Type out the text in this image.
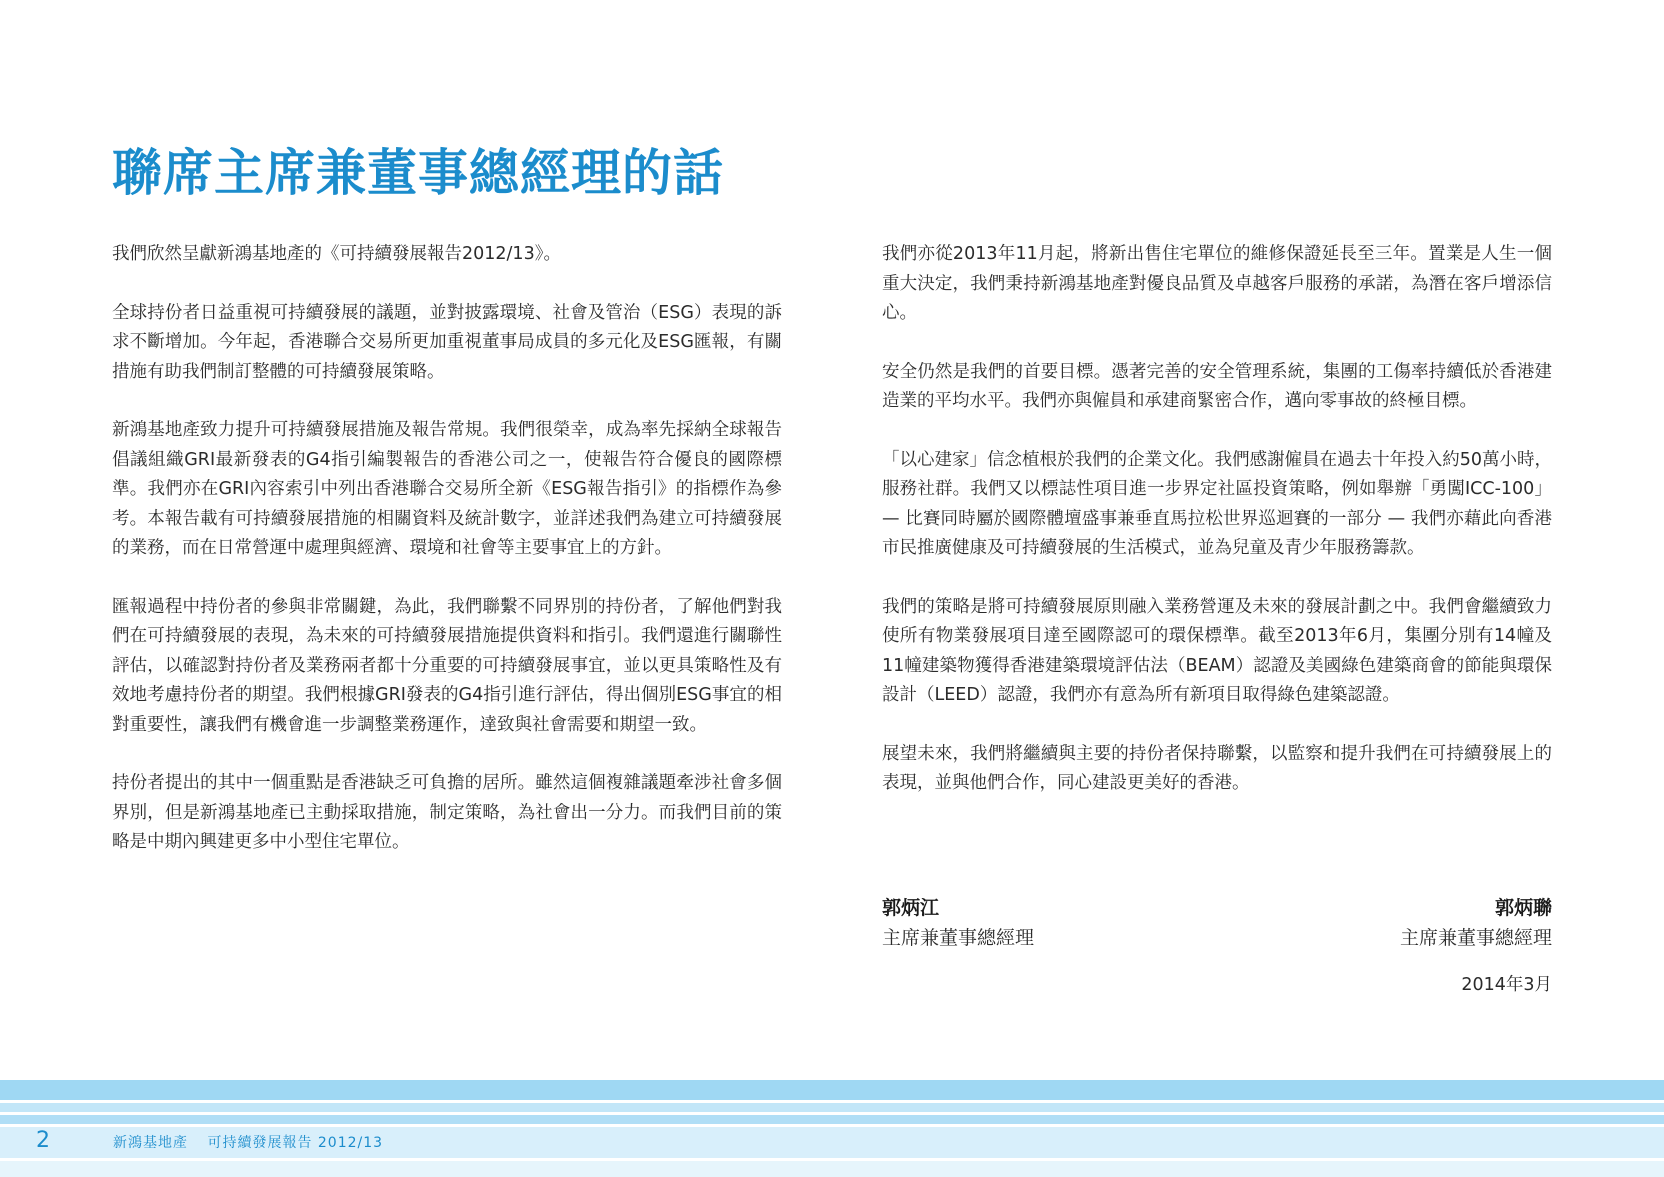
聯席主席兼董事總經理的話

我們欣然呈獻新鴻基地產的《可持續發展報告2012/13》。

全球持份者日益重視可持續發展的議題，並對披露環境、社會及管治（ESG）表現的訴求不斷增加。今年起，香港聯合交易所更加重視董事局成員的多元化及ESG匯報，有關措施有助我們制訂整體的可持續發展策略。

新鴻基地產致力提升可持續發展措施及報告常規。我們很榮幸，成為率先採納全球報告倡議組織GRI最新發表的G4指引編製報告的香港公司之一，使報告符合優良的國際標準。我們亦在GRI內容索引中列出香港聯合交易所全新《ESG報告指引》的指標作為參考。本報告載有可持續發展措施的相關資料及統計數字，並詳述我們為建立可持續發展的業務，而在日常營運中處理與經濟、環境和社會等主要事宜上的方針。

匯報過程中持份者的參與非常關鍵，為此，我們聯繫不同界別的持份者，了解他們對我們在可持續發展的表現，為未來的可持續發展措施提供資料和指引。我們還進行關聯性評估，以確認對持份者及業務兩者都十分重要的可持續發展事宜，並以更具策略性及有效地考慮持份者的期望。我們根據GRI發表的G4指引進行評估，得出個別ESG事宜的相對重要性，讓我們有機會進一步調整業務運作，達致與社會需要和期望一致。

持份者提出的其中一個重點是香港缺乏可負擔的居所。雖然這個複雜議題牽涉社會多個界別，但是新鴻基地產已主動採取措施，制定策略，為社會出一分力。而我們目前的策略是中期內興建更多中小型住宅單位。

我們亦從2013年11月起，將新出售住宅單位的維修保證延長至三年。置業是人生一個重大決定，我們秉持新鴻基地產對優良品質及卓越客戶服務的承諾，為潛在客戶增添信心。

安全仍然是我們的首要目標。憑著完善的安全管理系統，集團的工傷率持續低於香港建造業的平均水平。我們亦與僱員和承建商緊密合作，邁向零事故的終極目標。

「以心建家」信念植根於我們的企業文化。我們感謝僱員在過去十年投入約50萬小時，服務社群。我們又以標誌性項目進一步界定社區投資策略，例如舉辦「勇闖ICC-100」— 比賽同時屬於國際體壇盛事兼垂直馬拉松世界巡迴賽的一部分 — 我們亦藉此向香港市民推廣健康及可持續發展的生活模式，並為兒童及青少年服務籌款。

我們的策略是將可持續發展原則融入業務營運及未來的發展計劃之中。我們會繼續致力使所有物業發展項目達至國際認可的環保標準。截至2013年6月，集團分別有14幢及11幢建築物獲得香港建築環境評估法（BEAM）認證及美國綠色建築商會的節能與環保設計（LEED）認證，我們亦有意為所有新項目取得綠色建築認證。

展望未來，我們將繼續與主要的持份者保持聯繫，以監察和提升我們在可持續發展上的表現，並與他們合作，同心建設更美好的香港。

郭炳江
主席兼董事總經理
郭炳聯
主席兼董事總經理
2014年3月
2	新鴻基地產 可持續發展報告 2012/13
